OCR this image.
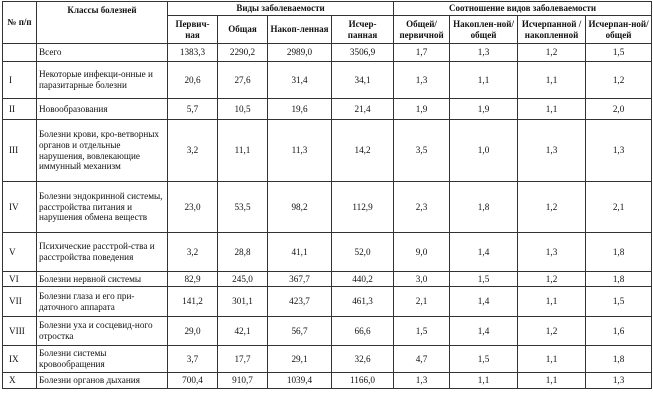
№ п/п	Классы болезней	Виды заболеваемости				Соотношение видов заболеваемости			
		Первич-ная	Общая	Накоп-ленная	Исчер-панная	Общей/ первичной	Накоплен-ной/общей	Исчерпанной /накопленной	Исчерпан-ной/общей
	Всего	1383,3	2290,2	2989,0	3506,9	1,7	1,3	1,2	1,5
I	Некоторые инфекци-онные и паразитарные болезни	20,6	27,6	31,4	34,1	1,3	1,1	1,1	1,2
II	Новообразования	5,7	10,5	19,6	21,4	1,9	1,9	1,1	2,0
III	Болезни крови, кро-ветворных органов и отдельные нарушения, вовлекающие иммунный механизм	3,2	11,1	11,3	14,2	3,5	1,0	1,3	1,3
IV	Болезни эндокринной системы, расстройства питания и нарушения обмена веществ	23,0	53,5	98,2	112,9	2,3	1,8	1,2	2,1
V	Психические расстрой-ства и расстройства поведения	3,2	28,8	41,1	52,0	9,0	1,4	1,3	1,8
VI	Болезни нервной системы	82,9	245,0	367,7	440,2	3,0	1,5	1,2	1,8
VII	Болезни глаза и его при-даточного аппарата	141,2	301,1	423,7	461,3	2,1	1,4	1,1	1,5
VIII	Болезни уха и сосцевид-ного отростка	29,0	42,1	56,7	66,6	1,5	1,4	1,2	1,6
IX	Болезни системы кровообращения	3,7	17,7	29,1	32,6	4,7	1,5	1,1	1,8
X	Болезни органов дыхания	700,4	910,7	1039,4	1166,0	1,3	1,1	1,1	1,3
